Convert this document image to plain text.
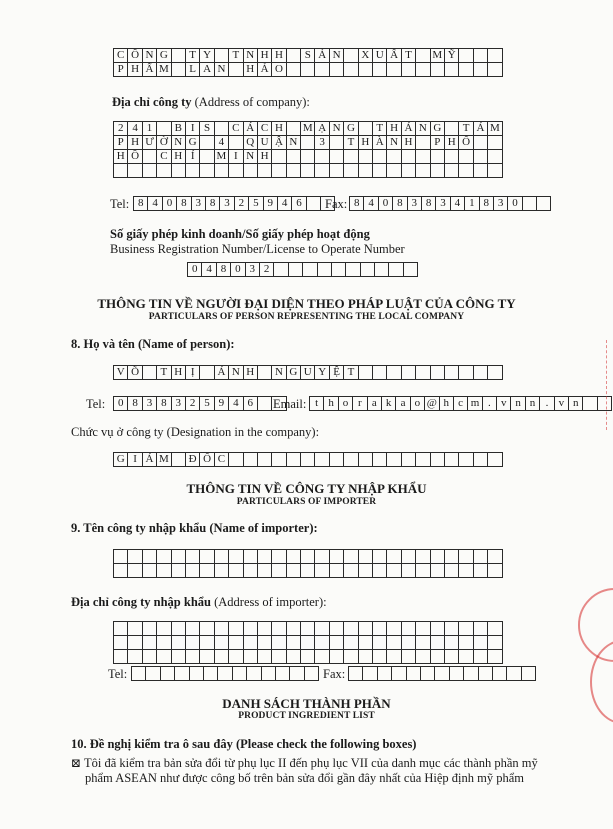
C Ô N G	T Y	T N H H	S Ả N	X U Ấ T	M Ỹ
P H Ẩ M	L A N	H Ả O
Địa chỉ công ty (Address of company):
2 4 1	B I S	C Á C H	M Ạ N G	T H Á N G	T Á M
P H Ư Ờ N G	4	Q U Ậ N	3	T H À N H	P H Ố
H Ồ	C H Í	M I N H
Tel: 8 4 0 8 3 8 3 2 5 9 4 6	Fax: 8 4 0 8 3 8 3 4 1 8 3 0
Số giấy phép kinh doanh/Số giấy phép hoạt động
Business Registration Number/License to Operate Number
0 4 8 0 3 2
THÔNG TIN VỀ NGƯỜI ĐẠI DIỆN THEO PHÁP LUẬT CỦA CÔNG TY
PARTICULARS OF PERSON REPRESENTING THE LOCAL COMPANY
8. Họ và tên (Name of person):
V Õ	T H Ị	Á N H	N G U Y Ệ T
Tel:	0 8 3 8 3 2 5 9 4 6	Email: t h o r a k a o @ h c m . v n n . v n
Chức vụ ở công ty (Designation in the company):
G I Á M	Đ Ố C
THÔNG TIN VỀ CÔNG TY NHẬP KHẨU
PARTICULARS OF IMPORTER
9. Tên công ty nhập khẩu (Name of importer):
Địa chỉ công ty nhập khẩu (Address of importer):
Tel:	Fax:
DANH SÁCH THÀNH PHẦN
PRODUCT INGREDIENT LIST
10. Đề nghị kiểm tra ô sau đây (Please check the following boxes)
⊠ Tôi đã kiểm tra bản sửa đổi từ phụ lục II đến phụ lục VII của danh mục các thành phần mỹ
phẩm ASEAN như được công bố trên bản sửa đổi gần đây nhất của Hiệp định mỹ phẩm
